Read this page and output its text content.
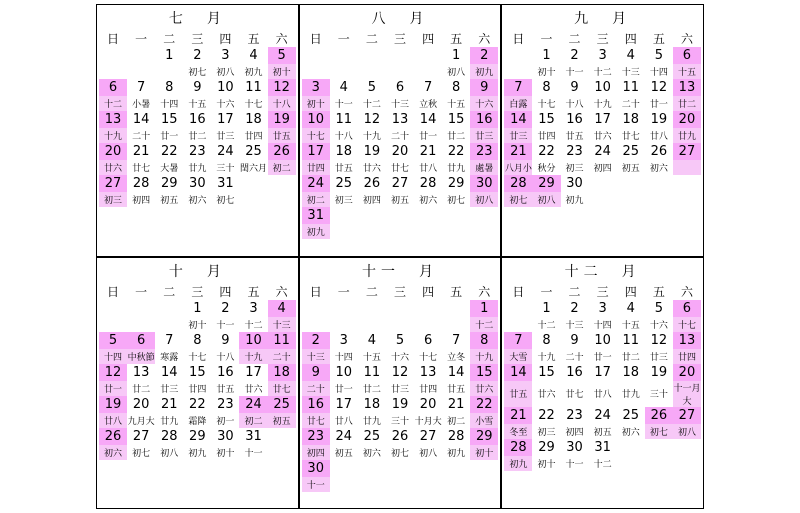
七　月
日	一	二	三	四	五	六
		1	2	3	4	5
			初七	初八	初九	初十
6	7	8	9	10	11	12
十二	小暑	十四	十五	十六	十七	十八
13	14	15	16	17	18	19
十九	二十	廿一	廿二	廿三	廿四	廿五
20	21	22	23	24	25	26
廿六	廿七	大暑	廿九	三十	閏六月	初二
27	28	29	30	31		
初三	初四	初五	初六	初七		
八　月
日	一	二	三	四	五	六
					1	2
					初八	初九
3	4	5	6	7	8	9
初十	十一	十二	十三	立秋	十五	十六
10	11	12	13	14	15	16
十七	十八	十九	二十	廿一	廿二	廿三
17	18	19	20	21	22	23
廿四	廿五	廿六	廿七	廿八	廿九	處暑
24	25	26	27	28	29	30
初二	初三	初四	初五	初六	初七	初八
31						
初九						
九　月
日	一	二	三	四	五	六
	1	2	3	4	5	6
	初十	十一	十二	十三	十四	十五
7	8	9	10	11	12	13
白露	十七	十八	十九	二十	廿一	廿二
14	15	16	17	18	19	20
廿三	廿四	廿五	廿六	廿七	廿八	廿九
21	22	23	24	25	26	27
八月小	秋分	初三	初四	初五	初六	
28	29	30				
初七	初八	初九				
十　月
日	一	二	三	四	五	六
			1	2	3	4
			初十	十一	十二	十三
5	6	7	8	9	10	11
十四	中秋節	寒露	十七	十八	十九	二十
12	13	14	15	16	17	18
廿一	廿二	廿三	廿四	廿五	廿六	廿七
19	20	21	22	23	24	25
廿八	九月大	廿九	霜降	初一	初二	初五
26	27	28	29	30	31	
初六	初七	初八	初九	初十	十一	
十一　月
日	一	二	三	四	五	六
						1
						十二
2	3	4	5	6	7	8
十三	十四	十五	十六	十七	立冬	十九
9	10	11	12	13	14	15
二十	廿一	廿二	廿三	廿四	廿五	廿六
16	17	18	19	20	21	22
廿七	廿八	廿九	三十	十月大	初二	小雪
23	24	25	26	27	28	29
初四	初五	初六	初七	初八	初九	初十
30						
十一						
十二　月
日	一	二	三	四	五	六
	1	2	3	4	5	6
	十二	十三	十四	十五	十六	十七
7	8	9	10	11	12	13
大雪	十九	二十	廿一	廿二	廿三	廿四
14	15	16	17	18	19	20
廿五	廿六	廿七	廿八	廿九	三十	十一月大
21	22	23	24	25	26	27
冬至	初三	初四	初五	初六	初七	初八
28	29	30	31			
初九	初十	十一	十二			
